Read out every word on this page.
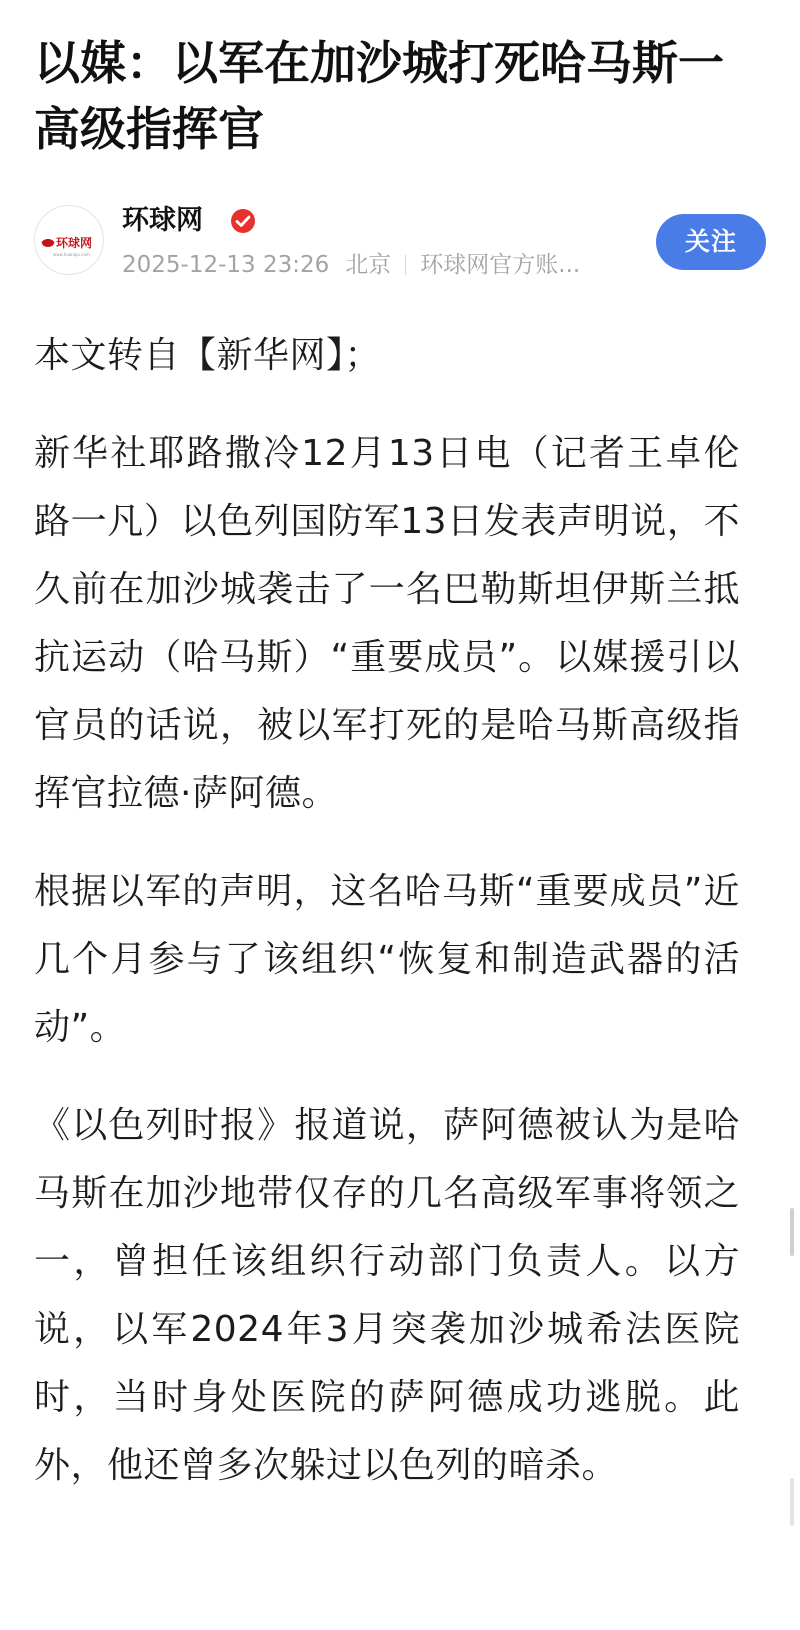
以媒：以军在加沙城打死哈马斯一高级指挥官
环球网
www.huanqiu.com
环球网
2025-12-13 23:26 北京 环球网官方账...
关注

本文转自【新华网】；

新华社耶路撒冷12月13日电（记者王卓伦 路一凡）以色列国防军13日发表声明说，不久前在加沙城袭击了一名巴勒斯坦伊斯兰抵抗运动（哈马斯）“重要成员”。以媒援引以官员的话说，被以军打死的是哈马斯高级指挥官拉德·萨阿德。

根据以军的声明，这名哈马斯“重要成员”近几个月参与了该组织“恢复和制造武器的活动”。

《以色列时报》报道说，萨阿德被认为是哈马斯在加沙地带仅存的几名高级军事将领之一，曾担任该组织行动部门负责人。以方说，以军2024年3月突袭加沙城希法医院时，当时身处医院的萨阿德成功逃脱。此外，他还曾多次躲过以色列的暗杀。
